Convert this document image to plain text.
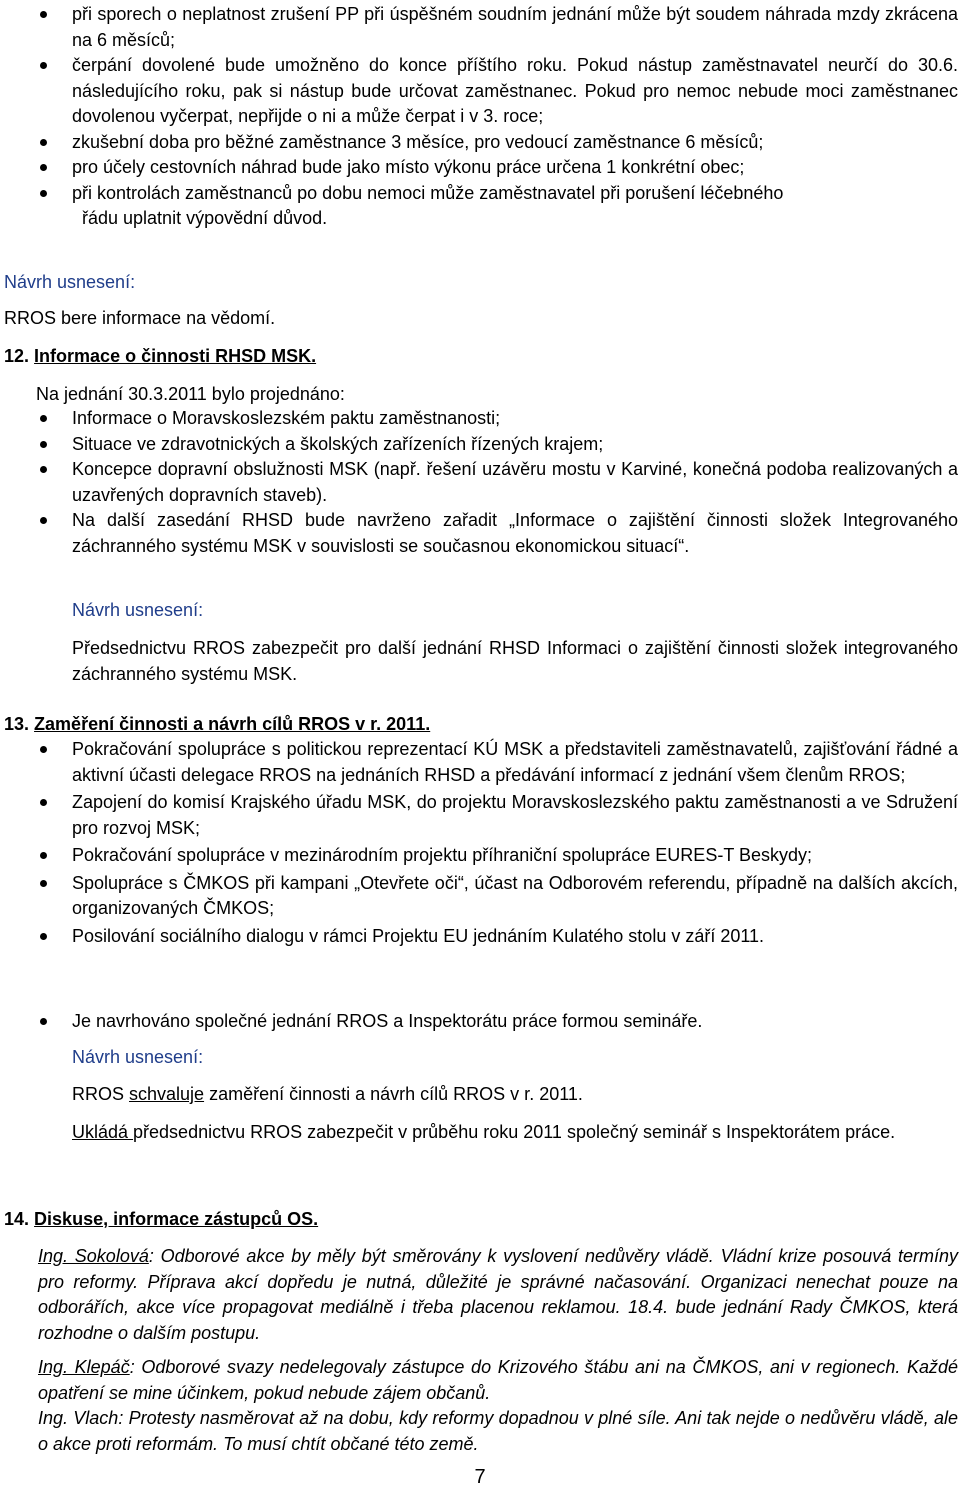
při sporech o neplatnost zrušení PP při úspěšném soudním jednání může být soudem náhrada mzdy zkrácena na 6 měsíců;
čerpání dovolené bude umožněno do konce příštího roku. Pokud nástup zaměstnavatel neurčí do 30.6. následujícího roku, pak si nástup bude určovat zaměstnanec. Pokud pro nemoc nebude moci zaměstnanec dovolenou vyčerpat, nepřijde o ni a může čerpat i v 3. roce;
zkušební doba pro běžné zaměstnance 3 měsíce, pro vedoucí zaměstnance 6 měsíců;
pro účely cestovních náhrad bude jako místo výkonu práce určena 1 konkrétní obec;
při kontrolách zaměstnanců po dobu nemoci může zaměstnavatel při porušení léčebného
řádu uplatnit výpovědní důvod.
Návrh usnesení:
RROS bere informace na vědomí.
12. Informace o činnosti RHSD MSK.
Na jednání 30.3.2011 bylo projednáno:
Informace o Moravskoslezském paktu zaměstnanosti;
Situace ve zdravotnických a školských zařízeních řízených krajem;
Koncepce dopravní obslužnosti MSK (např. řešení uzávěru mostu v Karviné, konečná podoba realizovaných a uzavřených dopravních staveb).
Na další zasedání RHSD bude navrženo zařadit „Informace o zajištění činnosti složek Integrovaného záchranného systému MSK v souvislosti se současnou ekonomickou situací“.
Návrh usnesení:
Předsednictvu RROS zabezpečit pro další jednání RHSD Informaci o zajištění činnosti složek integrovaného záchranného systému MSK.
13. Zaměření činnosti a návrh cílů RROS v r. 2011.
Pokračování spolupráce s politickou reprezentací KÚ MSK a představiteli zaměstnavatelů, zajišťování řádné a aktivní účasti delegace RROS na jednáních RHSD a předávání informací z jednání všem členům RROS;
Zapojení do komisí Krajského úřadu MSK, do projektu Moravskoslezského paktu zaměstnanosti a ve Sdružení pro rozvoj MSK;
Pokračování spolupráce v mezinárodním projektu příhraniční spolupráce EURES-T Beskydy;
Spolupráce s ČMKOS při kampani „Otevřete oči“, účast na Odborovém referendu, případně na dalších akcích, organizovaných ČMKOS;
Posilování sociálního dialogu v rámci Projektu EU jednáním Kulatého stolu v září 2011.
Je navrhováno společné jednání RROS a Inspektorátu práce formou semináře.
Návrh usnesení:
RROS schvaluje zaměření činnosti a návrh cílů RROS v r. 2011.
Ukládá předsednictvu RROS zabezpečit v průběhu roku 2011 společný seminář s Inspektorátem práce.
14. Diskuse, informace zástupců OS.
Ing. Sokolová: Odborové akce by měly být směrovány k vyslovení nedůvěry vládě. Vládní krize posouvá termíny pro reformy. Příprava akcí dopředu je nutná, důležité je správné načasování. Organizaci nenechat pouze na odborářích, akce více propagovat mediálně i třeba placenou reklamou. 18.4. bude jednání Rady ČMKOS, která rozhodne o dalším postupu.
Ing. Klepáč: Odborové svazy nedelegovaly zástupce do Krizového štábu ani na ČMKOS, ani v regionech. Každé opatření se mine účinkem, pokud nebude zájem občanů.
Ing. Vlach: Protesty nasměrovat až na dobu, kdy reformy dopadnou v plné síle. Ani tak nejde o nedůvěru vládě, ale o akce proti reformám. To musí chtít občané této země.
7
